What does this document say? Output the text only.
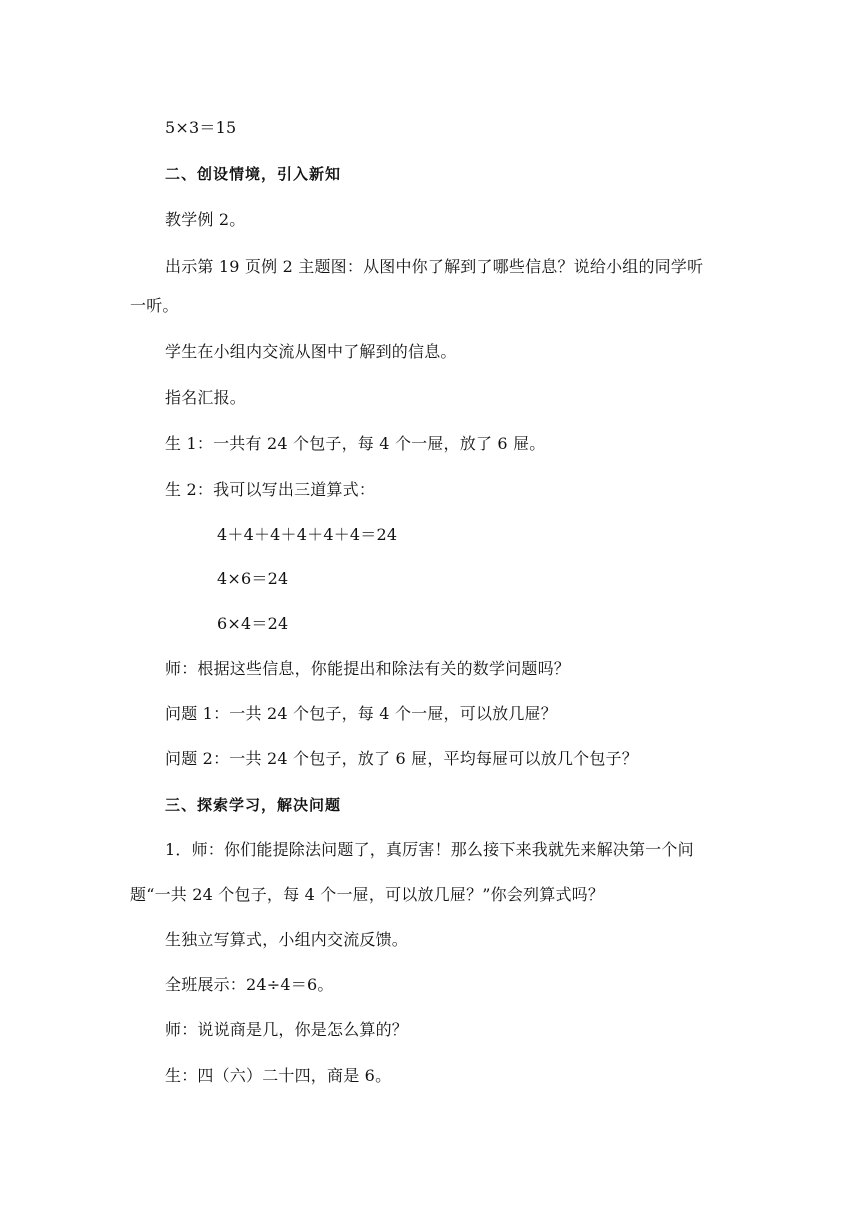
5×3＝15
二、创设情境，引入新知
教学例 2。
出示第 19 页例 2 主题图：从图中你了解到了哪些信息？说给小组的同学听
一听。
学生在小组内交流从图中了解到的信息。
指名汇报。
生 1：一共有 24 个包子，每 4 个一屉，放了 6 屉。
生 2：我可以写出三道算式：
4＋4＋4＋4＋4＋4＝24
4×6＝24
6×4＝24
师：根据这些信息，你能提出和除法有关的数学问题吗？
问题 1：一共 24 个包子，每 4 个一屉，可以放几屉？
问题 2：一共 24 个包子，放了 6 屉，平均每屉可以放几个包子？
三、探索学习，解决问题
1．师：你们能提除法问题了，真厉害！那么接下来我就先来解决第一个问
题“一共 24 个包子，每 4 个一屉，可以放几屉？”你会列算式吗？
生独立写算式，小组内交流反馈。
全班展示：24÷4＝6。
师：说说商是几，你是怎么算的？
生：四（六）二十四，商是 6。
